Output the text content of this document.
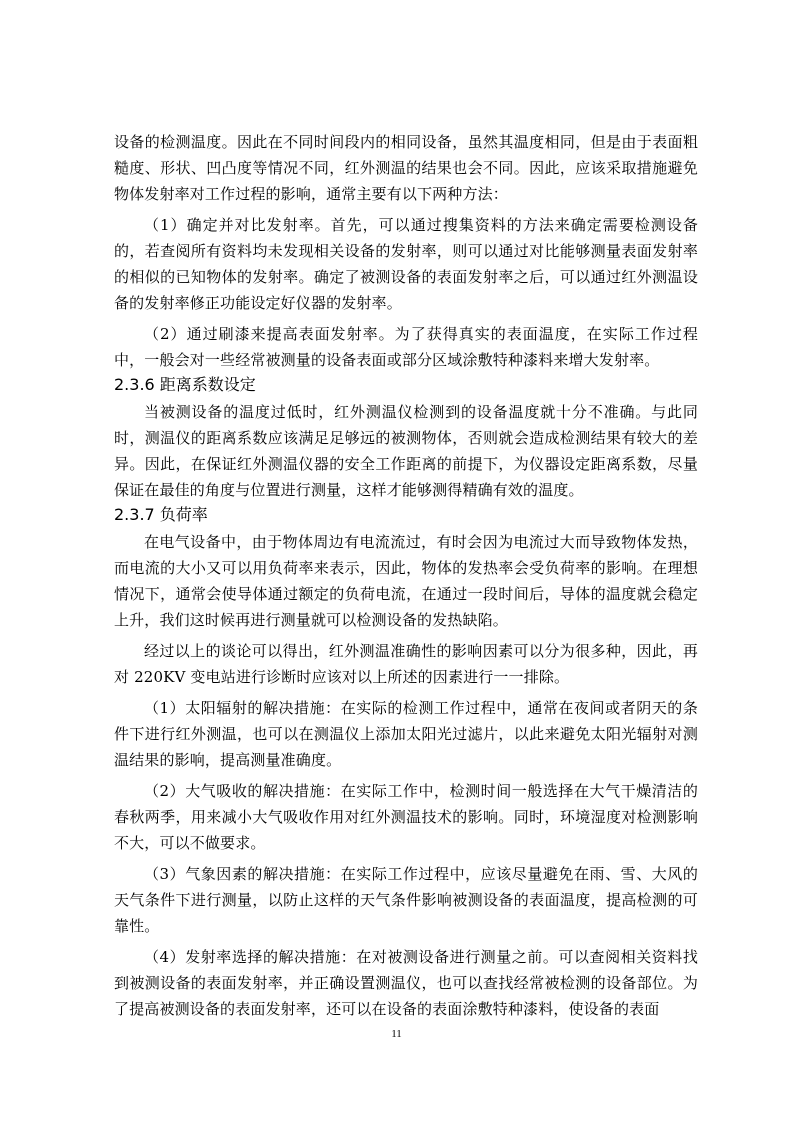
设备的检测温度。因此在不同时间段内的相同设备，虽然其温度相同，但是由于表面粗糙度、形状、凹凸度等情况不同，红外测温的结果也会不同。因此，应该采取措施避免物体发射率对工作过程的影响，通常主要有以下两种方法：

（1）确定并对比发射率。首先，可以通过搜集资料的方法来确定需要检测设备的，若查阅所有资料均未发现相关设备的发射率，则可以通过对比能够测量表面发射率的相似的已知物体的发射率。确定了被测设备的表面发射率之后，可以通过红外测温设备的发射率修正功能设定好仪器的发射率。

（2）通过刷漆来提高表面发射率。为了获得真实的表面温度，在实际工作过程中，一般会对一些经常被测量的设备表面或部分区域涂敷特种漆料来增大发射率。

2.3.6 距离系数设定

当被测设备的温度过低时，红外测温仪检测到的设备温度就十分不准确。与此同时，测温仪的距离系数应该满足足够远的被测物体，否则就会造成检测结果有较大的差异。因此，在保证红外测温仪器的安全工作距离的前提下，为仪器设定距离系数，尽量保证在最佳的角度与位置进行测量，这样才能够测得精确有效的温度。

2.3.7 负荷率

在电气设备中，由于物体周边有电流流过，有时会因为电流过大而导致物体发热，而电流的大小又可以用负荷率来表示，因此，物体的发热率会受负荷率的影响。在理想情况下，通常会使导体通过额定的负荷电流，在通过一段时间后，导体的温度就会稳定上升，我们这时候再进行测量就可以检测设备的发热缺陷。

经过以上的谈论可以得出，红外测温准确性的影响因素可以分为很多种，因此，再对 220KV 变电站进行诊断时应该对以上所述的因素进行一一排除。

（1）太阳辐射的解决措施：在实际的检测工作过程中，通常在夜间或者阴天的条件下进行红外测温，也可以在测温仪上添加太阳光过滤片，以此来避免太阳光辐射对测温结果的影响，提高测量准确度。

（2）大气吸收的解决措施：在实际工作中，检测时间一般选择在大气干燥清洁的春秋两季，用来减小大气吸收作用对红外测温技术的影响。同时，环境湿度对检测影响不大，可以不做要求。

（3）气象因素的解决措施：在实际工作过程中，应该尽量避免在雨、雪、大风的天气条件下进行测量，以防止这样的天气条件影响被测设备的表面温度，提高检测的可靠性。

（4）发射率选择的解决措施：在对被测设备进行测量之前。可以查阅相关资料找到被测设备的表面发射率，并正确设置测温仪，也可以查找经常被检测的设备部位。为了提高被测设备的表面发射率，还可以在设备的表面涂敷特种漆料，使设备的表面

11
